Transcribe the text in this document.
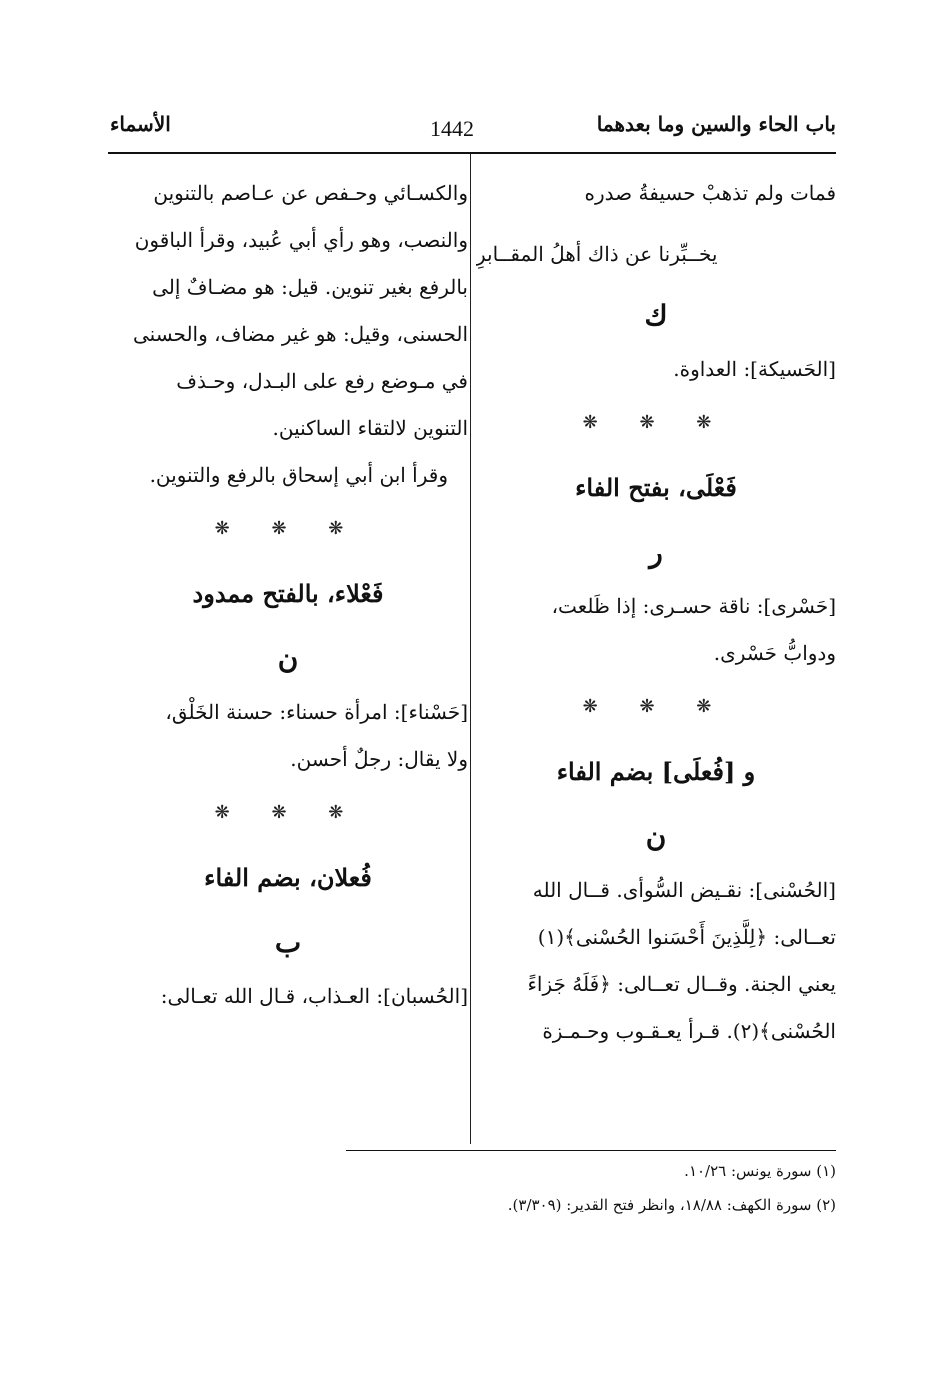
باب الحاء والسين وما بعدهما
1442
الأسماء
فمات ولم تذهبْ حسيفةُ صدره
يخــبِّرنا عن ذاك أهلُ المقــابرِ
ك
[الحَسيكة]: العداوة.
❋ ❋ ❋
فَعْلَى، بفتح الفاء
ر
[حَسْرى]: ناقة حسـرى: إذا ظَلعت،
ودوابُّ حَسْرى.
❋ ❋ ❋
و [فُعلَى] بضم الفاء
ن
[الحُسْنى]: نقـيض السُّوأى. قــال الله
تعــالى: ﴿لِلَّذِينَ أَحْسَنوا الحُسْنى﴾(١)
يعني الجنة. وقــال تعــالى: ﴿فَلَهُ جَزاءً
الحُسْنى﴾(٢). قـرأ يعـقـوب وحـمـزة
والكسـائي وحـفص عن عـاصم بالتنوين
والنصب، وهو رأي أبي عُبيد، وقرأ الباقون
بالرفع بغير تنوين. قيل: هو مضـافٌ إلى
الحسنى، وقيل: هو غير مضاف، والحسنى
في مـوضع رفع على البـدل، وحـذف
التنوين لالتقاء الساكنين.
وقرأ ابن أبي إسحاق بالرفع والتنوين.
❋ ❋ ❋
فَعْلاء، بالفتح ممدود
ن
[حَسْناء]: امرأة حسناء: حسنة الخَلْق،
ولا يقال: رجلٌ أحسن.
❋ ❋ ❋
فُعلان، بضم الفاء
ب
[الحُسبان]: العـذاب، قـال الله تعـالى:
(١) سورة يونس: ١٠/٢٦.
(٢) سورة الكهف: ١٨/٨٨، وانظر فتح القدير: (٣/٣٠٩).
